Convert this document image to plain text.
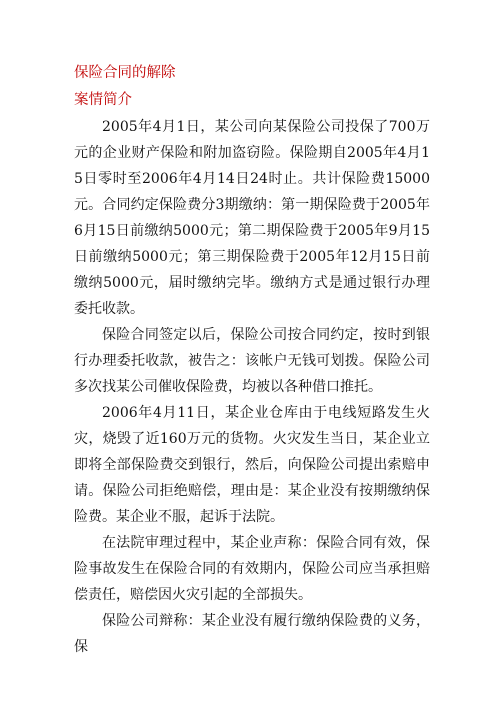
保险合同的解除
案情简介

2005年4月1日，某公司向某保险公司投保了700万元的企业财产保险和附加盗窃险。保险期自2005年4月15日零时至2006年4月14日24时止。共计保险费15000元。合同约定保险费分3期缴纳：第一期保险费于2005年6月15日前缴纳5000元；第二期保险费于2005年9月15日前缴纳5000元；第三期保险费于2005年12月15日前缴纳5000元，届时缴纳完毕。缴纳方式是通过银行办理委托收款。

保险合同签定以后，保险公司按合同约定，按时到银行办理委托收款，被告之：该帐户无钱可划拨。保险公司多次找某公司催收保险费，均被以各种借口推托。

2006年4月11日，某企业仓库由于电线短路发生火灾，烧毁了近160万元的货物。火灾发生当日，某企业立即将全部保险费交到银行，然后，向保险公司提出索赔申请。保险公司拒绝赔偿，理由是：某企业没有按期缴纳保险费。某企业不服，起诉于法院。

在法院审理过程中，某企业声称：保险合同有效，保险事故发生在保险合同的有效期内，保险公司应当承担赔偿责任，赔偿因火灾引起的全部损失。

保险公司辩称：某企业没有履行缴纳保险费的义务，保
